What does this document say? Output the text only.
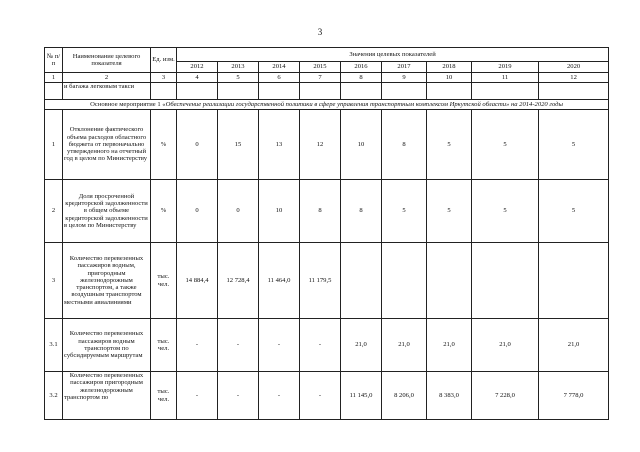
3
№ п/п	Наименование целевого показателя	Ед. изм.	Значения целевых показателей								
			2012	2013	2014	2015	2016	2017	2018	2019	2020
1	2	3	4	5	6	7	8	9	10	11	12
	и багажа легковым такси										
Основное мероприятие 1 «Обеспечение реализации государственной политики в сфере управления транспортным комплексом Иркутской области» на 2014-2020 годы											
1	Отклонение фактического объема расходов областного бюджета от первоначально утвержденного на отчетный год в целом по Министерству	%	0	15	13	12	10	8	5	5	5
2	Доля просроченной кредиторской задолженности в общем объеме кредиторской задолженности в целом по Министерству	%	0	0	10	8	8	5	5	5	5
3	Количество перевезенных пассажиров водным, пригородным железнодорожным транспортом, а также воздушным транспортом местными авиалиниями	тыс. чел.	14 884,4	12 728,4	11 464,0	11 179,5					
3.1	Количество перевезенных пассажиров водным транспортом по субсидируемым маршрутам	тыс. чел.	-	-	-	-	21,0	21,0	21,0	21,0	21,0
3.2	Количество перевезенных пассажиров пригородным железнодорожным транспортом по	тыс. чел.	-	-	-	-	11 145,0	8 206,0	8 383,0	7 228,0	7 778,0
